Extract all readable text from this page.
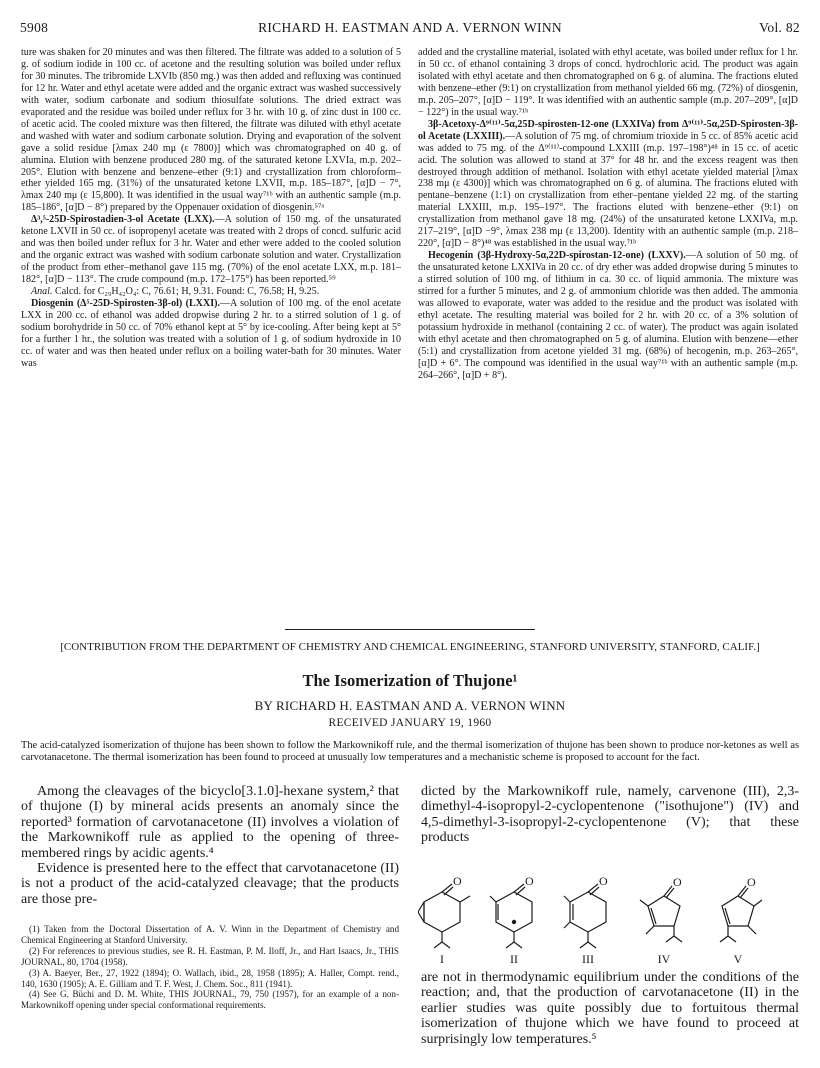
5908	RICHARD H. EASTMAN AND A. VERNON WINN	Vol. 82

ture was shaken for 20 minutes and was then filtered. The filtrate was added to a solution of 5 g. of sodium iodide in 100 cc. of acetone and the resulting solution was boiled under reflux for 30 minutes. The tribromide LXVIb (850 mg.) was then added and refluxing was continued for 12 hr. Water and ethyl acetate were added and the organic extract was washed successively with water, sodium carbonate and sodium thiosulfate solutions. The dried extract was evaporated and the residue was boiled under reflux for 3 hr. with 10 g. of zinc dust in 100 cc. of acetic acid. The cooled mixture was then filtered, the filtrate was diluted with ethyl acetate and washed with water and sodium carbonate solution. Drying and evaporation of the solvent gave a solid residue [λmax 240 mμ (ε 7800)] which was chromatographed on 40 g. of alumina. Elution with benzene produced 280 mg. of the saturated ketone LXVIa, m.p. 202–205°. Elution with benzene and benzene–ether (9:1) and crystallization from chloroform–ether yielded 165 mg. (31%) of the unsaturated ketone LXVII, m.p. 185–187°, [α]D − 7°, λmax 240 mμ (ε 15,800). It was identified in the usual way⁷¹ᵇ with an authentic sample (m.p. 185–186°, [α]D − 8°) prepared by the Oppenauer oxidation of diosgenin.⁵⁷ᵃ

Δ³,⁵-25D-Spirostadien-3-ol Acetate (LXX).—A solution of 150 mg. of the unsaturated ketone LXVII in 50 cc. of isopropenyl acetate was treated with 2 drops of concd. sulfuric acid and was then boiled under reflux for 3 hr. Water and ether were added to the cooled solution and the organic extract was washed with sodium carbonate solution and water. Crystallization of the product from ether–methanol gave 115 mg. (70%) of the enol acetate LXX, m.p. 181–182°, [α]D − 113°. The crude compound (m.p. 172–175°) has been reported.⁵⁹

Anal. Calcd. for C₂₉H₄₂O₄: C, 76.61; H, 9.31. Found: C, 76.58; H, 9.25.

Diosgenin (Δ⁵-25D-Spirosten-3β-ol) (LXXI).—A solution of 100 mg. of the enol acetate LXX in 200 cc. of ethanol was added dropwise during 2 hr. to a stirred solution of 1 g. of sodium borohydride in 50 cc. of 70% ethanol kept at 5° by ice-cooling. After being kept at 5° for a further 1 hr., the solution was treated with a solution of 1 g. of sodium hydroxide in 10 cc. of water and was then heated under reflux on a boiling water-bath for 30 minutes. Water was

added and the crystalline material, isolated with ethyl acetate, was boiled under reflux for 1 hr. in 50 cc. of ethanol containing 3 drops of concd. hydrochloric acid. The product was again isolated with ethyl acetate and then chromatographed on 6 g. of alumina. The fractions eluted with benzene–ether (9:1) on crystallization from methanol yielded 66 mg. (72%) of diosgenin, m.p. 205–207°, [α]D − 119°. It was identified with an authentic sample (m.p. 207–209°, [α]D − 122°) in the usual way.⁷¹ᵇ

3β-Acetoxy-Δ⁹⁽¹¹⁾-5α,25D-spirosten-12-one (LXXIVa) from Δ⁹⁽¹¹⁾-5α,25D-Spirosten-3β-ol Acetate (LXXIII).—A solution of 75 mg. of chromium trioxide in 5 cc. of 85% acetic acid was added to 75 mg. of the Δ⁹⁽¹¹⁾-compound LXXIII (m.p. 197–198°)⁴⁸ in 15 cc. of acetic acid. The solution was allowed to stand at 37° for 48 hr. and the excess reagent was then destroyed through addition of methanol. Isolation with ethyl acetate yielded material [λmax 238 mμ (ε 4300)] which was chromatographed on 6 g. of alumina. The fractions eluted with pentane–benzene (1:1) on crystallization from ether–pentane yielded 22 mg. of the starting material LXXIII, m.p. 195–197°. The fractions eluted with benzene–ether (9:1) on crystallization from methanol gave 18 mg. (24%) of the unsaturated ketone LXXIVa, m.p. 217–219°, [α]D −9°, λmax 238 mμ (ε 13,200). Identity with an authentic sample (m.p. 218–220°, [α]D − 8°)⁴⁸ was established in the usual way.⁷¹ᵇ

Hecogenin (3β-Hydroxy-5α,22D-spirostan-12-one) (LXXV).—A solution of 50 mg. of the unsaturated ketone LXXIVa in 20 cc. of dry ether was added dropwise during 5 minutes to a stirred solution of 100 mg. of lithium in ca. 30 cc. of liquid ammonia. The mixture was stirred for a further 5 minutes, and 2 g. of ammonium chloride was then added. The ammonia was allowed to evaporate, water was added to the residue and the product was isolated with ethyl acetate. The resulting material was boiled for 2 hr. with 20 cc. of a 3% solution of potassium hydroxide in methanol (containing 2 cc. of water). The product was again isolated with ethyl acetate and then chromatographed on 5 g. of alumina. Elution with benzene—ether (5:1) and crystallization from acetone yielded 31 mg. (68%) of hecogenin, m.p. 263–265°, [α]D + 6°. The compound was identified in the usual way⁷¹ᵇ with an authentic sample (m.p. 264–266°, [α]D + 8°).

[CONTRIBUTION FROM THE DEPARTMENT OF CHEMISTRY AND CHEMICAL ENGINEERING, STANFORD UNIVERSITY, STANFORD, CALIF.]
The Isomerization of Thujone¹
BY RICHARD H. EASTMAN AND A. VERNON WINN
RECEIVED JANUARY 19, 1960
The acid-catalyzed isomerization of thujone has been shown to follow the Markownikoff rule, and the thermal isomerization of thujone has been shown to produce nor-ketones as well as carvotanacetone. The thermal isomerization has been found to proceed at unusually low temperatures and a mechanistic scheme is proposed to account for the fact.

Among the cleavages of the bicyclo[3.1.0]-hexane system,² that of thujone (I) by mineral acids presents an anomaly since the reported³ formation of carvotanacetone (II) involves a violation of the Markownikoff rule as applied to the opening of three-membered rings by acidic agents.⁴

Evidence is presented here to the effect that carvotanacetone (II) is not a product of the acid-catalyzed cleavage; that the products are those pre-

dicted by the Markownikoff rule, namely, carvenone (III), 2,3-dimethyl-4-isopropyl-2-cyclopentenone ("isothujone") (IV) and 4,5-dimethyl-3-isopropyl-2-cyclopentenone (V); that these products
are not in thermodynamic equilibrium under the conditions of the reaction; and, that the production of carvotanacetone (II) in the earlier studies was quite possibly due to fortuitous thermal isomerization of thujone which we have found to proceed at surprisingly low temperatures.⁵

(1) Taken from the Doctoral Dissertation of A. V. Winn in the Department of Chemistry and Chemical Engineering at Stanford University.

(2) For references to previous studies, see R. H. Eastman, P. M. Iloff, Jr., and Hart Isaacs, Jr., THIS JOURNAL, 80, 1704 (1958).

(3) A. Baeyer, Ber., 27, 1922 (1894); O. Wallach, ibid., 28, 1958 (1895); A. Haller, Compt. rend., 140, 1630 (1905); A. E. Gilliam and T. F. West, J. Chem. Soc., 811 (1941).

(4) See G. Büchi and D. M. White, THIS JOURNAL, 79, 750 (1957), for an example of a non-Markownikoff opening under special conformational requirements.

O	O	O	O	O
I	II	III	IV	V
